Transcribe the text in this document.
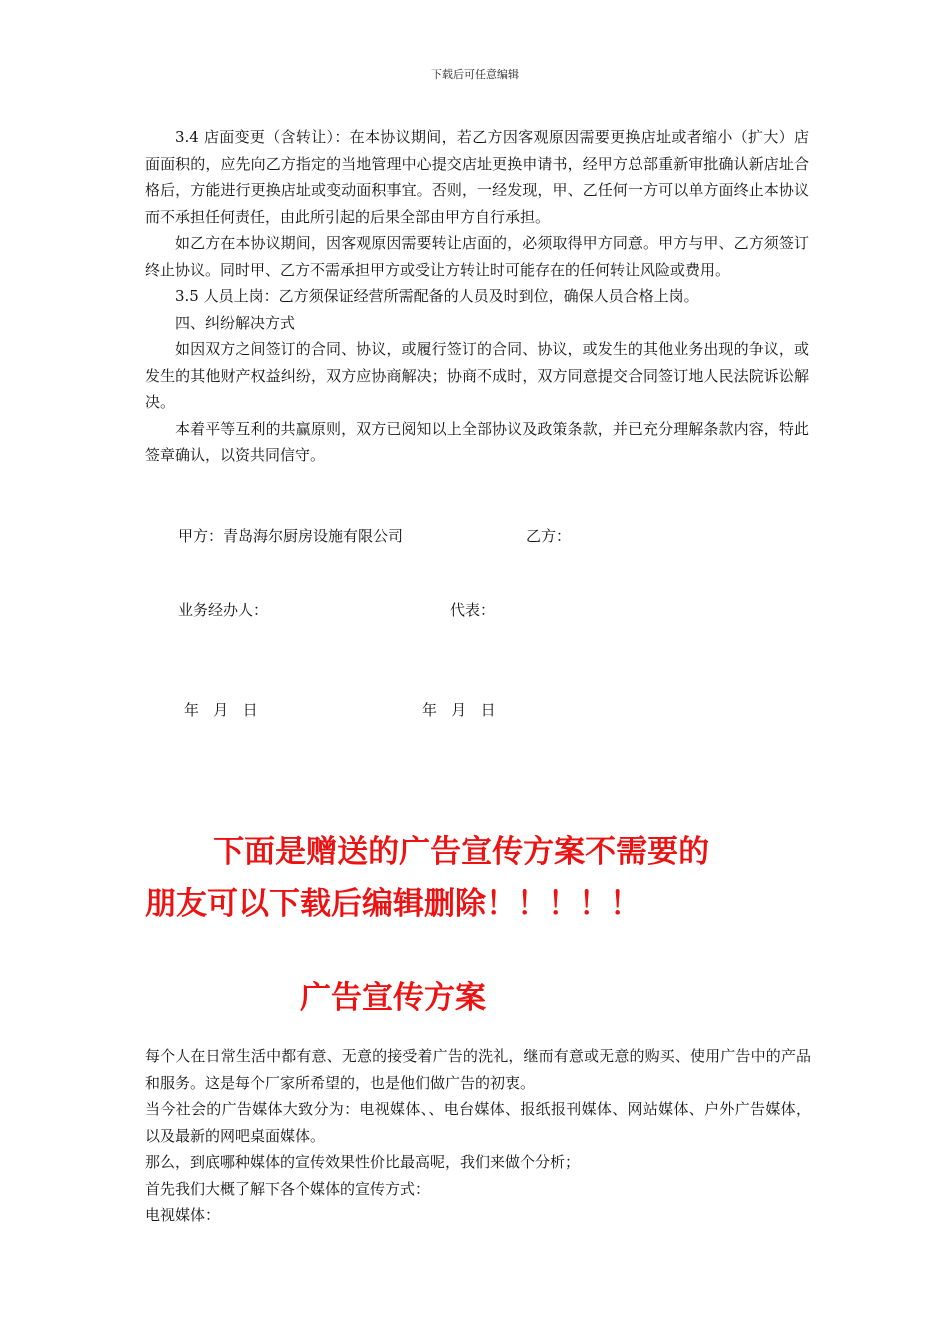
下载后可任意编辑

3.4 店面变更（含转让）：在本协议期间，若乙方因客观原因需要更换店址或者缩小（扩大）店面面积的，应先向乙方指定的当地管理中心提交店址更换申请书，经甲方总部重新审批确认新店址合格后，方能进行更换店址或变动面积事宜。否则，一经发现，甲、乙任何一方可以单方面终止本协议而不承担任何责任，由此所引起的后果全部由甲方自行承担。

如乙方在本协议期间，因客观原因需要转让店面的，必须取得甲方同意。甲方与甲、乙方须签订终止协议。同时甲、乙方不需承担甲方或受让方转让时可能存在的任何转让风险或费用。

3.5 人员上岗：乙方须保证经营所需配备的人员及时到位，确保人员合格上岗。

四、纠纷解决方式

如因双方之间签订的合同、协议，或履行签订的合同、协议，或发生的其他业务出现的争议，或发生的其他财产权益纠纷，双方应协商解决；协商不成时，双方同意提交合同签订地人民法院诉讼解决。

本着平等互利的共赢原则，双方已阅知以上全部协议及政策条款，并已充分理解条款内容，特此签章确认，以资共同信守。

甲方：青岛海尔厨房设施有限公司	乙方：
业务经办人：	代表：
年   月   日	年   月   日

下面是赠送的广告宣传方案不需要的

朋友可以下载后编辑删除！！！！！
广告宣传方案

每个人在日常生活中都有意、无意的接受着广告的洗礼，继而有意或无意的购买、使用广告中的产品和服务。这是每个厂家所希望的，也是他们做广告的初衷。

当今社会的广告媒体大致分为：电视媒体、、电台媒体、报纸报刊媒体、网站媒体、户外广告媒体，以及最新的网吧桌面媒体。

那么，到底哪种媒体的宣传效果性价比最高呢，我们来做个分析；

首先我们大概了解下各个媒体的宣传方式：

电视媒体：
